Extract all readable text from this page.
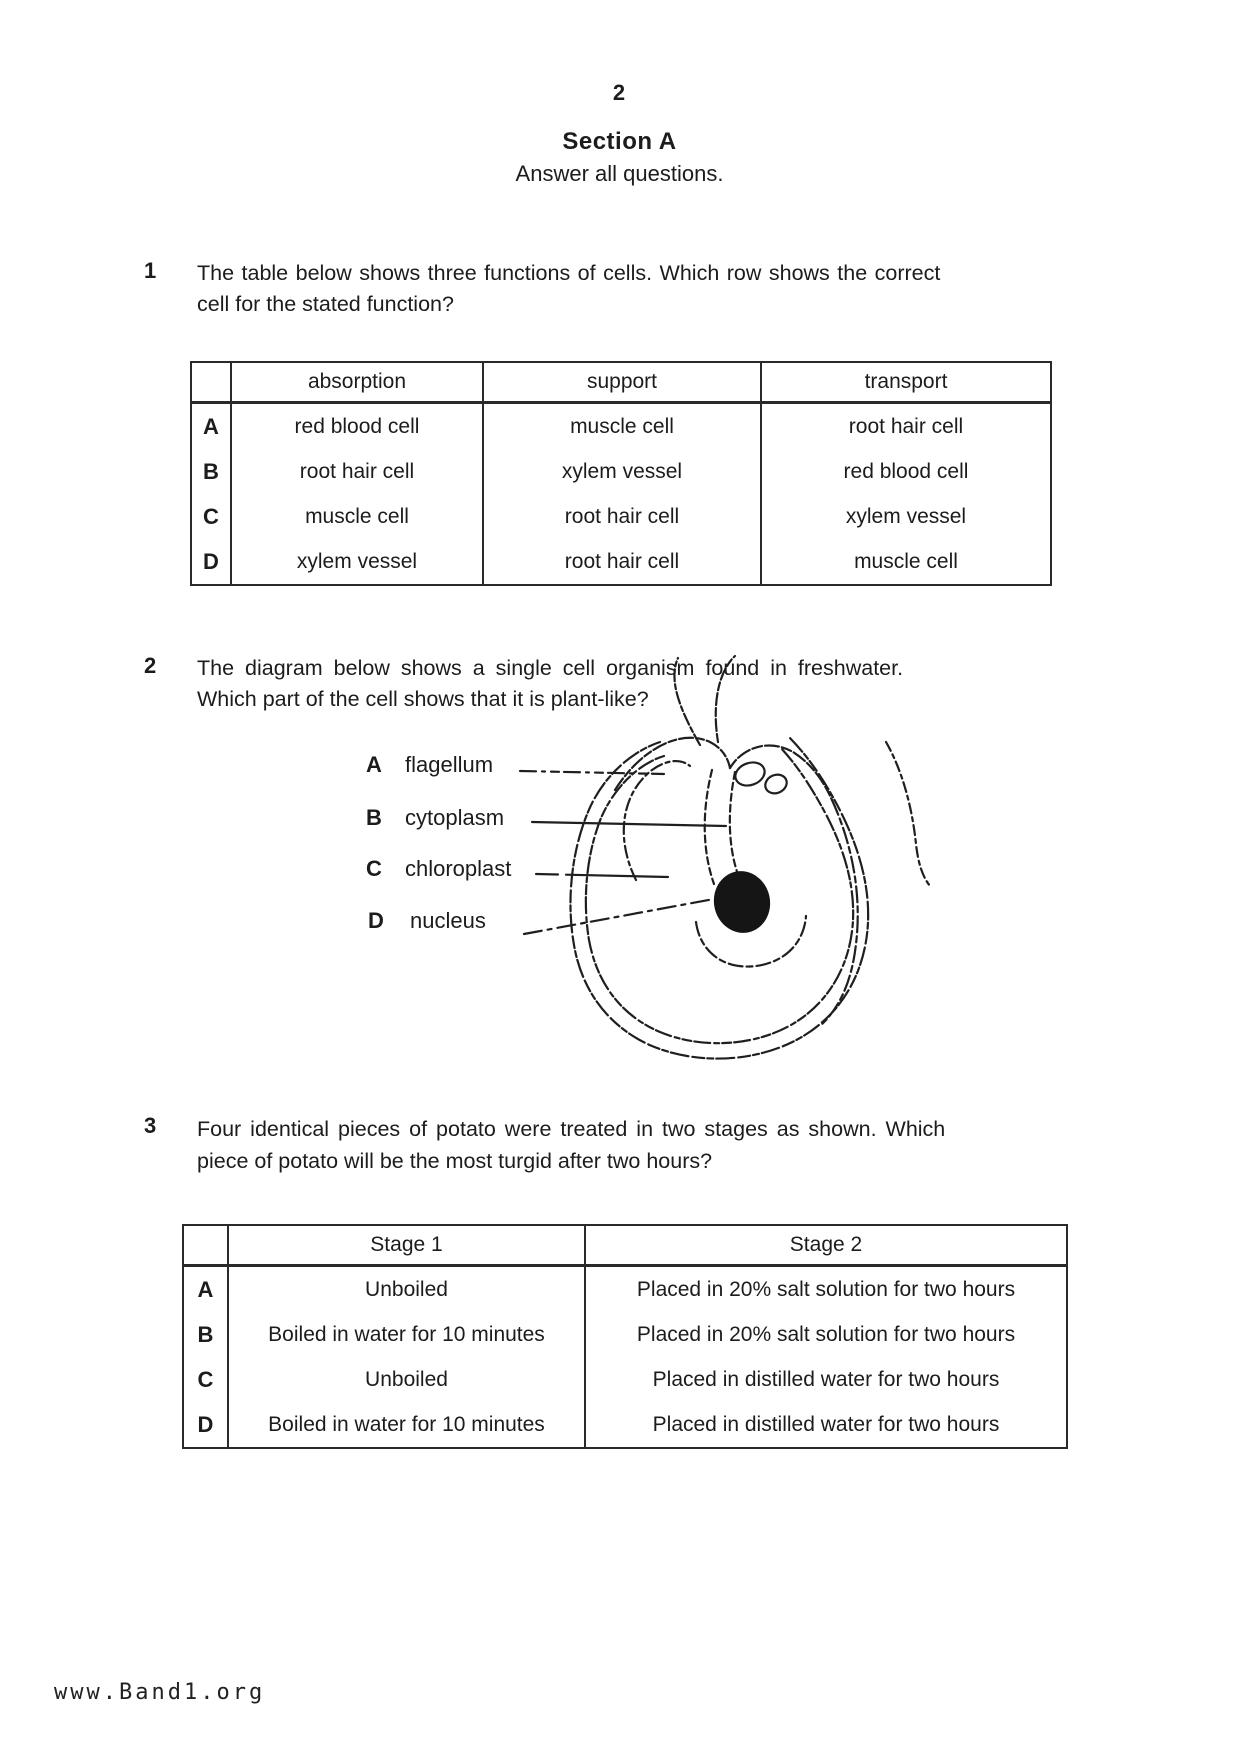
2
Section A
Answer all questions.
1 The table below shows three functions of cells. Which row shows the correct
cell for the stated function?
	absorption	support	transport
A	red blood cell	muscle cell	root hair cell
B	root hair cell	xylem vessel	red blood cell
C	muscle cell	root hair cell	xylem vessel
D	xylem vessel	root hair cell	muscle cell
2 The diagram below shows a single cell organism found in freshwater.
Which part of the cell shows that it is plant-like?
A flagellum
B cytoplasm
C chloroplast
D nucleus
3 Four identical pieces of potato were treated in two stages as shown. Which
piece of potato will be the most turgid after two hours?
	Stage 1	Stage 2
A	Unboiled	Placed in 20% salt solution for two hours
B	Boiled in water for 10 minutes	Placed in 20% salt solution for two hours
C	Unboiled	Placed in distilled water for two hours
D	Boiled in water for 10 minutes	Placed in distilled water for two hours
www.Band1.org
